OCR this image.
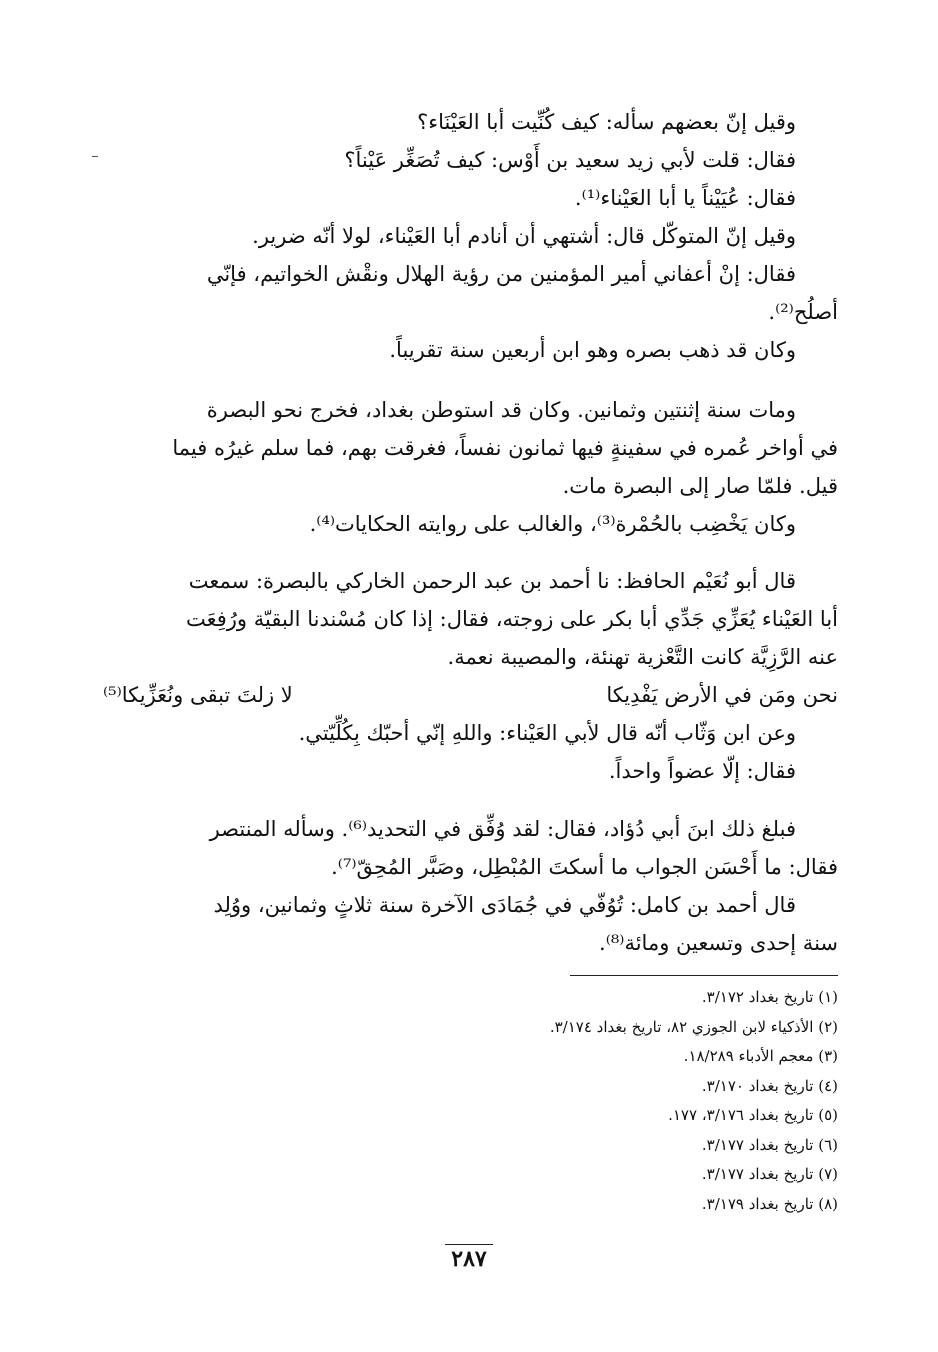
وقيل إنّ بعضهم سأله: كيف كُنِّيت أبا العَيْنَاء؟
فقال: قلت لأبي زيد سعيد بن أَوْس: كيف تُصَغِّر عَيْناً؟
فقال: عُيَيْناً يا أبا العَيْناء⁽¹⁾.
وقيل إنّ المتوكّل قال: أشتهي أن أنادم أبا العَيْناء، لولا أنّه ضرير.
فقال: إنْ أعفاني أمير المؤمنين من رؤية الهلال ونقْش الخواتيم، فإنّي
أصلُح⁽²⁾.
وكان قد ذهب بصره وهو ابن أربعين سنة تقريباً.
ومات سنة إثنتين وثمانين. وكان قد استوطن بغداد، فخرج نحو البصرة
في أواخر عُمره في سفينةٍ فيها ثمانون نفساً، فغرقت بهم، فما سلم غيرُه فيما
قيل. فلمّا صار إلى البصرة مات.
وكان يَخْضِب بالحُمْرة⁽³⁾، والغالب على روايته الحكايات⁽⁴⁾.
قال أبو نُعَيْم الحافظ: نا أحمد بن عبد الرحمن الخاركي بالبصرة: سمعت
أبا العَيْناء يُعَزِّي جَدِّي أبا بكر على زوجته، فقال: إذا كان مُسْندنا البقيّة ورُفِعَت
عنه الرَّزِيَّة كانت التَّعْزية تهنئة، والمصيبة نعمة.
نحن ومَن في الأرض يَفْدِيكا
لا زلتَ تبقى ونُعَزِّيكا⁽⁵⁾
وعن ابن وَثّاب أنّه قال لأبي العَيْناء: واللهِ إنّي أحبّك بِكُلِّيّتي.
فقال: إلّا عضواً واحداً.
فبلغ ذلك ابنَ أبي دُؤاد، فقال: لقد وُفِّق في التحديد⁽⁶⁾. وسأله المنتصر
فقال: ما أَحْسَن الجواب ما أسكتَ المُبْطِل، وصَبَّر المُحِقّ⁽⁷⁾.
قال أحمد بن كامل: تُوُفّي في جُمَادَى الآخرة سنة ثلاثٍ وثمانين، ووُلِد
سنة إحدى وتسعين ومائة⁽⁸⁾.
(١) تاريخ بغداد ٣/١٧٢.
(٢) الأذكياء لابن الجوزي ٨٢، تاريخ بغداد ٣/١٧٤.
(٣) معجم الأدباء ١٨/٢٨٩.
(٤) تاريخ بغداد ٣/١٧٠.
(٥) تاريخ بغداد ٣/١٧٦، ١٧٧.
(٦) تاريخ بغداد ٣/١٧٧.
(٧) تاريخ بغداد ٣/١٧٧.
(٨) تاريخ بغداد ٣/١٧٩.
٢٨٧
